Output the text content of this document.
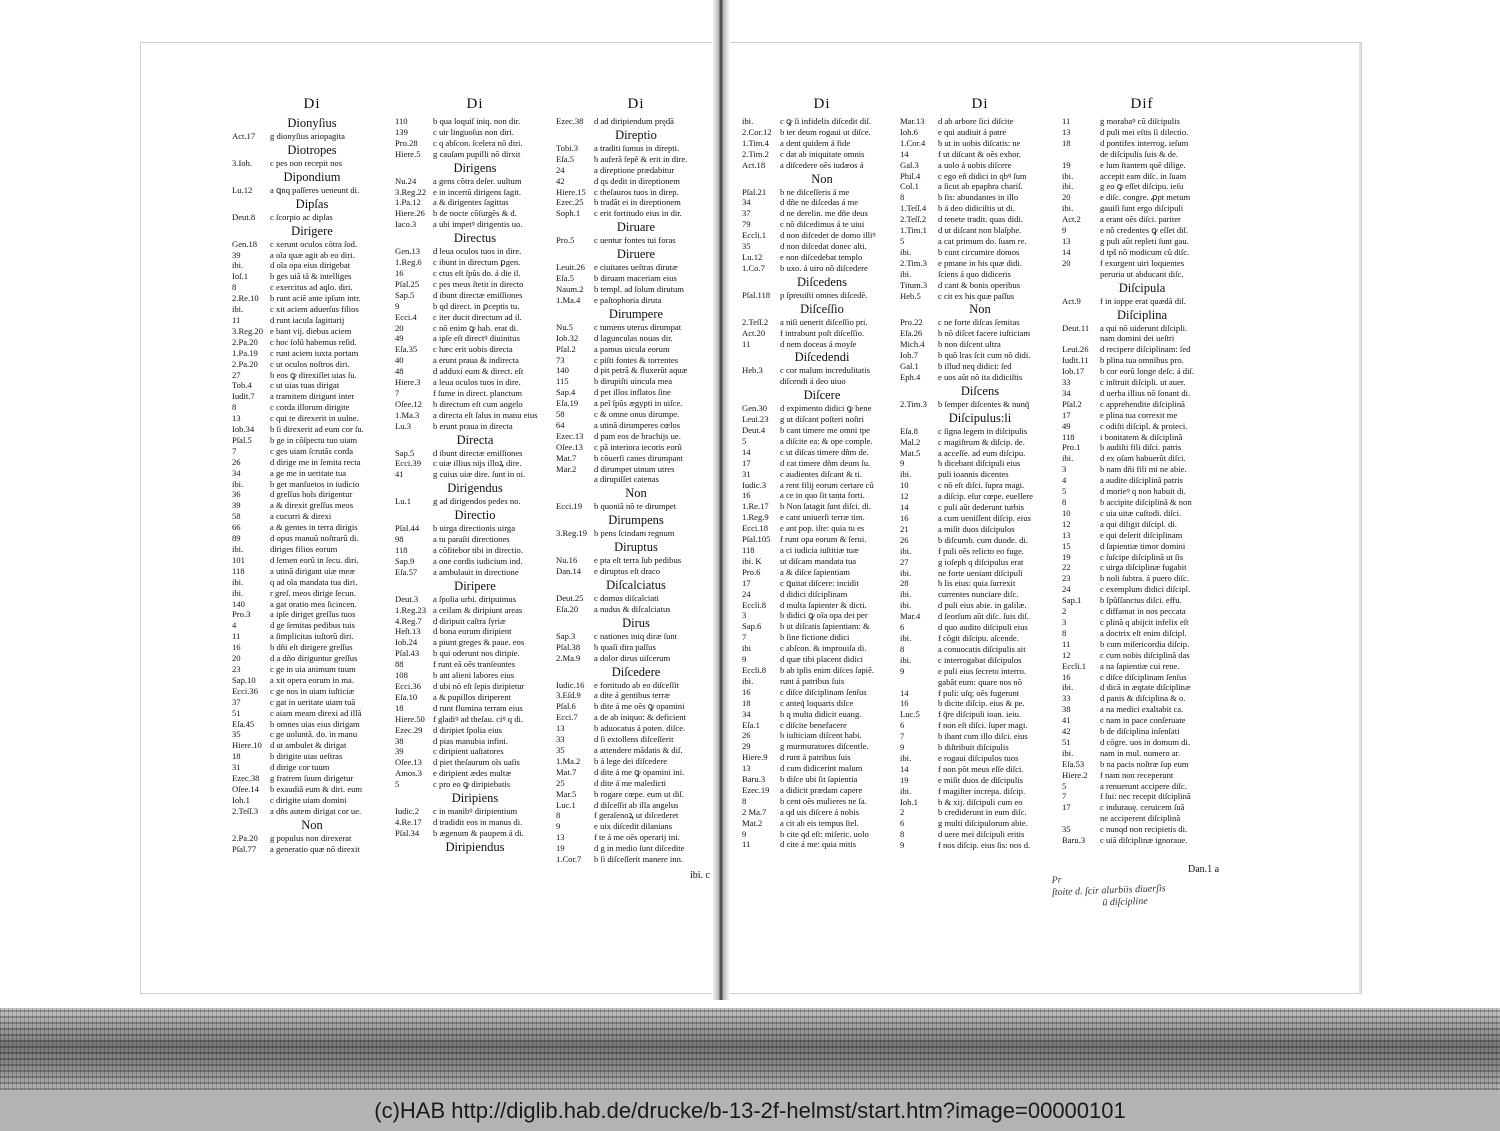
Di
Dionyſius
Act.17 g dionyſius ariopagita
Diotropes
3.Ioh. c pes non recepit nos
Dipondium
Lu.12 a ꝗnq paſſeres ueneunt di.
Dipſas
Deut.8 c ſcorpio ac dipſas
Dirigere
Gen.18 c xerunt oculos cõtra ſod.
39	a oĩa quæ agit ab eo diri.
ibi.	d oĩa opa eius dirigebat
Ioſ.1	b ges uiã tã & intelliges
8	c exercitus ad aqlo. diri.
2.Re.10 b runt aciẽ ante ipſum intr.
ibi.	c xit aciem aduerſus filios
11	d runt iacula ſagittarij
3.Reg.20 e bant vij. diebus aciem
2.Pa.20 c hoc ſolũ habemus reſid.
1.Pa.19 c runt aciem iuxta portam
2.Pa.20 c ut oculos noſtros diri.
27	b eos ꝙ direxiſſet uias ſu.
Tob.4 c ut uias tuas dirigat
Iudit.7 a tramitem dirigunt inter
8	c corda illorum dirigite
13	c qui te direxerit in uulne.
Iob.34 b ſi direxerit ad eum cor ſu.
Pſal.5 b ge in cõſpectu tuo uiam
7	c ges uiam ſcrutãs corda
26	d dirige me in ſemita recta
34	a ge me in ueritate tua
ibi.	b get manſuetos in iudicio
36	d greſſus hoĩs dirigentur
39	a & direxit greſſus meos
58	a cucurri & direxi
66	a & gentes in terra dirigis
89	d opus manuũ noſtrarũ di.
ibi.	diriges filios eorum
101	d ſemen eorũ in ſecu. diri.
118	a utinã dirigant uiæ meæ
ibi.	q ad oĩa mandata tua diri.
ibi.	r greſ. meos dirige ſecun.
140	a gat oratio mea ſicincen.
Pro.3 a ipſe diriget greſſus tuos
4	d ge ſemitas pedibus tuis
11	a ſimplicitas iuſtorũ diri.
16	b dñi eſt dirigere greſſus
20	d a dño diriguntur greſſus
23	c ge in uia animum tuum
Sap.10 a xit opera eorum in ma.
Ecci.36 c ge nos in uiam iuſticiæ
37	c gat in ueritate uiam tuã
51	c aiam meam direxi ad illã
Eſa.45 b omnes uias eius dirigam
35	c ge uoluntã. do. in manu
Hiere.10 d ut ambulet & dirigat
18	b dirigite uias ueſtras
31	d dirige cor tuum
Ezec.38 g fratrem ſuum dirigetur
Oſee.14 b exaudiã eum & diri. eum
Ioh.1 c dirigite uiam domini
2.Teſſ.3 a dñs autem dirigat cor ue.
Non
2.Pa.20 g populus non direxerat
Pſal.77 a generatio quæ nõ direxit
Di
110	b qua loquiſ iniq. non dir.
139	c uir linguoſus non diri.
Pro.28 c q abſcon. ſcelera nõ diri.
Hiere.5 g cauſam pupilli nõ dirxit
Dirigens
Nu.24 a gens cõtra deſer. uultum
3.Reg.22 e in incertũ dirigens ſagit.
1.Pa.12 a & dirigentes ſagittas
Hiere.26 b de nocte cõſurgẽs & d.
Iaco.3 a ubi impetꝰ dirigentis uo.
Directus
Gen.13 d leua oculos tuos in dire.
1.Reg.6 c ibunt in directum ꝑgen.
16	c ctus eſt ſpũs do. á die il.
Pſal.25 c pes meus ſtetit in directo
Sap.5 d ibunt directæ emiſſiones
9	b qd direct. in ꝑceptis tu.
Ecci.4 c iter ducit directum ad il.
20	c nõ enim ꝙ hab. erat di.
49	a ipſe eſt directꝰ diuinitus
Eſa.35 c hæc erit uobis directa
40	a erunt praua & indirecta
48	d adduxi eum & direct. eſt
Hiere.3 a leua oculos tuos in dire.
7	f ſume in direct. planctum
Oſee.12 b directum eſt cum angelo
1.Ma.3 a directa eſt ſalus in manu eius
Lu.3	b erunt praua in directa
Directa
Sap.5 d ibunt directæ emiſſiones
Ecci.39 c uiæ illius nijs illoꝝ dire.
41	g cuius uiæ dire. ſunt in oi.
Dirigendus
Lu.1	g ad dirigendos pedes no.
Directio
Pſal.44 b uirga directionis uirga
98	a tu paraſti directiones
118	a cõfitebor tibi in directio.
Sap.9 a one cordis iudicium ind.
Eſa.57 a ambulauit in directione
Diripere
Deut.3 a ſpolia urbi. diripuimus
1.Reg.23 a ceilam & diripiunt areas
4.Reg.7 d diripuit caſtra ſyriæ
Heſt.13 d bona eorum diripient
Iob.24 a piunt greges & paue. eos
Pſal.43 b qui oderunt nos diripie.
88	f runt eã oẽs tranſeuntes
108	b ant alieni labores eius
Ecci.36 d ubi nõ eſt ſepis diripietur
Eſa.10 a & pupillos diriperent
18	d runt flumina terram eius
Hiere.50 f gladiꝰ ad theſau. ciꝰ q di.
Ezec.29 d diripiet ſpolia eius
38	d pias manubia infini.
39	c diripient uaſtatores
Oſee.13 d piet theſaurum oĩs uaſis
Amos.3 e diripient ædes multæ
5	c pro eo ꝙ diripiebatis
Diripiens
Iudic.2 c in manibꝰ diripientium
4.Re.17 d tradidit eos in manus di.
Pſal.34 b ægenum & paupem á di.
Diripiendus
Di
Ezec.38 d ad diripiendum prędã
Direptio
Tobi.3 a traditi ſumus in direpti.
Eſa.5 b auferã ſepẽ & erit in dire.
24	a direptione prædabitur
42	d qs dedit in direptionem
Hiere.15 c theſauros tuos in direp.
Ezec.25 b tradãt ei in direptionem
Soph.1 c erit fortitudo eius in dir.
Diruare
Pro.5 c uentur fontes tui foras
Diruere
Leuit.26 e ciuitates ueſtras dirutæ
Eſa.5 b diruam maceriam eius
Naum.2 b templ. ad ſolum dirutum
1.Ma.4 e paſtophoria diruta
Dirumpere
Nu.5 c tumens uterus dirumpat
Iob.32 d lagunculas nouas dir.
Pſal.2 a pamus uicula eorum
73	c piſti fontes & torrentes
140	d pit petrã & fluxerũt aquæ
115	b dirupiſti uincula mea
Sap.4 d pet illos inflatos ſine
Eſa.19 a peĩ ſpũs ægypti in uiſce.
58	c & omne onus dirumpe.
64	a utinã dirumperes cœlos
Ezec.13 d pam eos de brachijs ue.
Oſee.13 c pã interiora iecoris eorũ
Mat.7 b cõuerſi canes dirumpant
Mar.2 d dirumpet uinum utres
a dirupiſſet catenas
Non
Ecci.19 b quoniã nõ te dirumpet
Dirumpens
3.Reg.19 b pens ſcindam regnum
Diruptus
Nu.16 e pta eſt terra ſub pedibus
Dan.14 e diruptus eſt draco
Diſcalciatus
Deut.25 c domus diſcalciati
Eſa.20 a nudus & diſcalciatus
Dirus
Sap.3 c nationes iniq diræ ſunt
Pſal.38 b quaſi dira paſſus
2.Ma.9 a dolor dirus uiſcerum
Diſcedere
Iudic.16 e fortitudo ab eo diſceſſit
3.Eſd.9 a dite á gentibus terræ
Pſal.6 b dite á me oẽs ꝙ opamini
Ecci.7 a de ab iniquo: & deficient
13	b aduocatus á poten. diſce.
33	d ſi extollens diſceſſerit
35	a attendere mãdatis & diſ.
1.Ma.2 b á lege dei diſcedere
Mat.7 d dite á me ꝙ opamini ini.
25	d dite á me maledicti
Mar.5 b rogare cœpe. eum ut diſ.
Luc.1 d diſceſſit ab illa angelus
8	f geraſenoꝝ ut diſcederet
9	e uix diſcedit dilanians
13	f te á me oẽs operarij ini.
19	d g in medio ſunt diſcedite
1.Cor.7 b ſi diſceſſerit manere inn.
Di
ibi.	c ꝙ ſi infidelis diſcedit diſ.
2.Cor.12 b ter deum rogaui ut diſce.
1.Tim.4 a dent quidem á fide
2.Tim.2 c dat ab iniquitate omnis
Act.18 a diſcedere oẽs iudæos á
Non
Pſal.21 b ne diſceſſeris á me
34	d dñe ne diſcedas á me
37	d ne derelin. me dñe deus
79	c nõ diſcedimus á te uiui
Eccli.1 d non diſcedet de domo illiꝰ
35	d non diſcedat donec alti.
Lu.12 e non diſcedebat templo
1.Co.7 b uxo. á uiro nõ diſcedere
Diſcedens
Pſal.118 p ſpreuiſti omnes diſcedẽ.
Diſceſſio
2.Teſſ.2 a niſi uenerit diſceſſio pri.
Act.20 f intrabunt poſt diſceſſio.
11	d nem doceas á moyſe
Diſcedendi
Heb.3 c cor malum incredulitatis
diſcendi á deo uiuo
Diſcere
Gen.30 d expimento didici ꝙ bene
Leui.23 g ut diſcant poſteri noſtri
Deut.4 b cant timere me omni tpe
5	a diſcite ea: & ope comple.
14	c ut diſcas timere dñm de.
17	d cat timere dñm deum ſu.
31	c audientes diſcant & ti.
Iudic.3 a rent filij eorum certare cũ
16	a ce in quo ſit tanta forti.
1.Re.17 b Non ſatagit ſunt diſci. di.
1.Reg.9 e cant uniuerſi terræ tim.
Ecci.18 e ant pop. iſte: quia tu es
Pſal.105 f runt opa eorum & ſerui.
118	a ci iudicia iuſtitiæ tuæ
ibi. K ut diſcam mandata tua
Pro.6 a & diſce ſapientiam
17	c ꝗuitat diſcere: incidit
24	d didici diſciplinam
Eccli.8 d multa ſapienter & dicti.
3	b didici ꝙ oĩa opa dei per
Sap.6 b ut diſcatis ſapientiam: &
7	b ſine fictione didici
ibi	c abſcon. & improuiſa di.
9	d quæ tibi placent didici
Eccli.8 b ab ipſis enim diſces ſapiẽ.
ibi.	runt á patribus ſuis
16	c diſce diſciplinam ſenſus
18	c anteq̃ loquaris diſce
34	b q multa didicit euang.
Eſa.1 c diſcite benefacere
26	b iuſticiam diſcent habi.
29	g murmuratores diſcentle.
Hiere.9 d runt á patribus ſuis
13	d cum didicerint malum
Baru.3 b diſce ubi ſit ſapientia
Ezec.19 a didicit prædam capere
8	b cent oẽs mulieres ne ſa.
2 Ma.7 a qd uis diſcere á nobis
Mat.2 a cit ab eis tempus ſtel.
9	b cite qd eſt: miſeric. uolo
11	d cite á me: quia mitis
Di
Mar.13 d ab arbore ſici diſcite
Ioh.6 e qui audiuit á patre
1.Cor.4 b ut in uobis diſcatis: ne
14	f ut diſcant & oẽs exhor.
Gal.3 a uolo á uobis diſcere
Phil.4 c ego eñ didici in qbꝰ ſum
Col.1 a ſicut ab epaphra chariſ.
8	b ſis: abundantes in illo
1.Teſſ.4 b á deo didiciſtis ut di.
2.Teſſ.2 d tenete tradit. quas didi.
1.Tim.1 d ut diſcant non blaſphe.
5	a cat primum do. ſuam re.
ibi.	b cunt circumire domos
2.Tim.3 e pmane in his quæ didi.
ibi.	ſciens á quo didiceris
Titum.3 d cant & bonis operibus
Heb.5 c cit ex his quæ paſſus
Non
Pro.22 c ne forte diſcas ſemitas
Eſa.26 b nõ diſcet facere iuſticiam
Mich.4 b non diſcent ultra
Ioh.7 b quõ lras ſcit cum nõ didi.
Gal.1 b illud neq didici: ſed
Eph.4 e uos aũt nõ ita didiciſtis
Diſcens
2.Tim.3 b ſemper diſcentes & nunq̃
Diſcipulus:li
Eſa.8 c ſigna legem in diſcipulis
Mal.2 c magiſtrum & diſcip. de.
Mat.5 a acceſſe. ad eum diſcipu.
9	b dicebant diſcipuli eius
ibi.	puli ioannis dicentes
10	c nõ eſt diſci. ſupra magi.
12	a diſcip. eſur cœpe. euellere
14	c puli aũt dederunt turbis
16	a cum ueniſſent diſcip. eius
21	a miſit duos diſcipulos
26	b diſcumb. cum duode. di.
ibi.	f puli oẽs relicto eo fuge.
27	g ioſeph q diſcipulus erat
ibi.	ne forte ueniant diſcipuli
28	b lis eius: quia ſurrexit
ibi.	currentes nunciare diſc.
ibi.	d puli eius abie. in galilæ.
Mar.4 d ſeorſum aũt diſc. ſuis diſ.
6	d quo audito diſcipuli eius
ibi.	f cõgit diſcipu. aſcende.
8	a conuocatis diſcipulis ait
ibi.	c interrogabat diſcipulos
9	e puli eius ſecreto interro.
gabãt eum: quare nos nõ
14	f puli: uſq; oẽs fugerunt
16	b dicite diſcip. eius & pe.
Luc.5 f q̃re diſcipuli ioan. ieiu.
6	f non eſt diſci. ſuper magi.
7	b ibant cum illo diſci. eius
9	b diſtribuit diſcipulis
ibi.	e rogaui diſcipulos tuos
14	f non põt meus eſſe diſci.
19	e miſit duos de diſcipulis
ibi.	f magiſter increpa. diſcip.
Ioh.1 b & xij. diſcipuli cum eo
2	b crediderunt in eum diſc.
6	g multi diſcipulorum abie.
8	d uere mei diſcipuli eritis
9	f nos diſcip. eius ſis: nos d.
Dif
11	g morabaꝰ cũ diſcipulis
13	d puli mei eſtis ſi dilectio.
18	d pontifex interrog. ieſum
de diſcipulis ſuis & de.
19	e lum ſtantem quẽ dilige.
ibi.	accepit eam diſc. in ſuam
ibi.	g eo ꝙ eſſet diſcipu. ieſu
20	e diſc. congre. ꝓpt metum
ibi.	gauiſi ſunt ergo diſcipuli
Act.2 a erant oẽs diſci. pariter
9	e nõ credentes ꝙ eſſet diſ.
13	g puli aũt repleti ſunt gau.
14	d tpš nõ modicum cũ diſc.
20	f exurgent uiri loquentes
peruria ut abducant diſc.
Diſcipula
Act.9 f in ioppe erat quædã diſ.
Diſciplina
Deut.11 a qui nõ uiderunt diſcipli.
nam domini dei ueſtri
Leui.26 d recipere diſciplinam: ſed
Iudit.11 b plina tua omnibus pro.
Iob.17 b cor eorũ longe deſc. á diſ.
33	c inſtruit diſcipli. ut auer.
34	d uerba illius nõ ſonant di.
Pſal.2 c apprehendite diſciplinã
17	e plina tua correxit me
49	c odiſti diſcipl. & proieci.
118	i bonitatem & diſciplinã
Pro.1 b audiſti fili diſci. patris
ibi.	d ex oſam habuerũt diſci.
3	b nam dñi fili mi ne abie.
4	a audite diſciplinã patris
5	d morieꝰ q non habuit di.
8	b accipite diſciplinã & non
10	c uia uitæ cuſtodi. diſci.
12	a qui diligit diſcipl. di.
13	e qui deſerit diſciplinam
15	d ſapientiæ timor domini
19	c ſuſcipe diſciplinã ut ſis
22	c uirga diſciplinæ fugabit
23	b noli ſubtra. á puero diſc.
24	c exemplum didici diſcipl.
Sap.1 b ſpũſſanctus diſci. effu.
2	c diffamat in nos peccata
3	c plinã q abijcit infelix eſt
8	a doctrix eſt enim diſcipl.
11	b cum miſericordia diſcip.
12	c cum nobis diſciplinã das
Eccli.1 a na ſapientiæ cui rene.
16	c diſce diſciplinam ſenſus
ibi.	d dicã in æqtate diſciplinæ
33	d panis & diſciplina & o.
38	a na medici exaltabit ca.
41	c nam in pace conſeruate
42	b de diſciplina inſenſati
51	d cõgre. uos in domum di.
ibi.	nam in mul. numero ar.
Eſa.53 b na pacis noſtræ ſup eum
Hiere.2 f nam non receperunt
5	a renuerunt accipere diſc.
7	f ſui: nec recepit diſciplinã
17	c indurauę. ceruicem ſuã
ne acciperent diſciplinã
35	c nunqd non recipietis di.
Baru.3 c uiã diſciplinæ ignoraue.
ibi. c
Dan.1 a
Pr
ſtoite d. ſcir alurbiis diuerſis
ū diſcipline
(c)HAB http://diglib.hab.de/drucke/b-13-2f-helmst/start.htm?image=00000101
